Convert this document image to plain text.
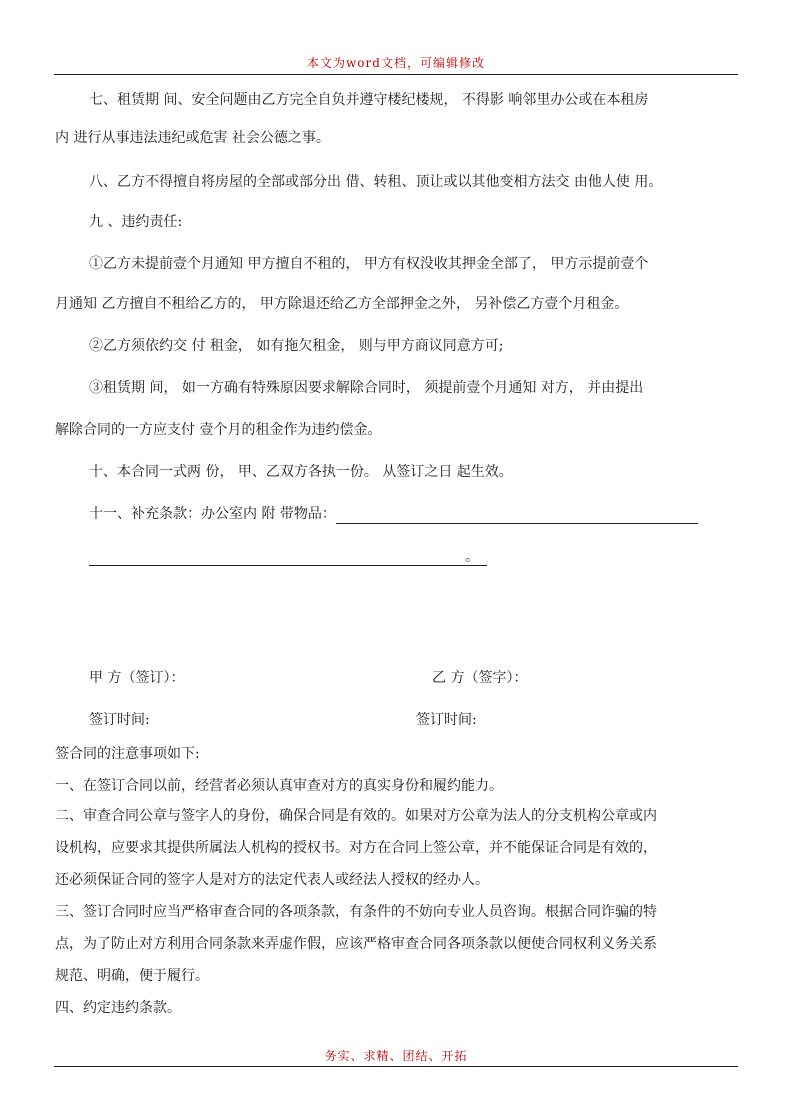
本文为word文档，可编辑修改
七、租赁期 间、安全问题由乙方完全自负并遵守楼纪楼规， 不得影 响邻里办公或在本租房
内 进行从事违法违纪或危害 社会公德之事。
八、乙方不得擅自将房屋的全部或部分出 借、转租、顶让或以其他变相方法交 由他人使 用。
九 、违约责任:
①乙方未提前壹个月通知 甲方擅自不租的， 甲方有权没收其押金全部了， 甲方示提前壹个
月通知 乙方擅自不租给乙方的， 甲方除退还给乙方全部押金之外， 另补偿乙方壹个月租金。
②乙方须依约交 付 租金， 如有拖欠租金， 则与甲方商议同意方可;
③租赁期 间， 如一方确有特殊原因要求解除合同时， 须提前壹个月通知 对方， 并由提出
解除合同的一方应支付 壹个月的租金作为违约偿金。
十、本合同一式两 份， 甲、乙双方各执一份。 从签订之日 起生效。
十一、补充条款：办公室内 附 带物品：
。
甲 方（签订）：	乙 方（签字）：
签订时间:	签订时间:
签合同的注意事项如下:
一、在签订合同以前，经营者必须认真审查对方的真实身份和履约能力。
二、审查合同公章与签字人的身份，确保合同是有效的。如果对方公章为法人的分支机构公章或内
设机构，应要求其提供所属法人机构的授权书。对方在合同上签公章，并不能保证合同是有效的，
还必须保证合同的签字人是对方的法定代表人或经法人授权的经办人。
三、签订合同时应当严格审查合同的各项条款，有条件的不妨向专业人员咨询。根据合同诈骗的特
点，为了防止对方利用合同条款来弄虚作假，应该严格审查合同各项条款以便使合同权利义务关系
规范、明确，便于履行。
四、约定违约条款。
务实、求精、团结、开拓
